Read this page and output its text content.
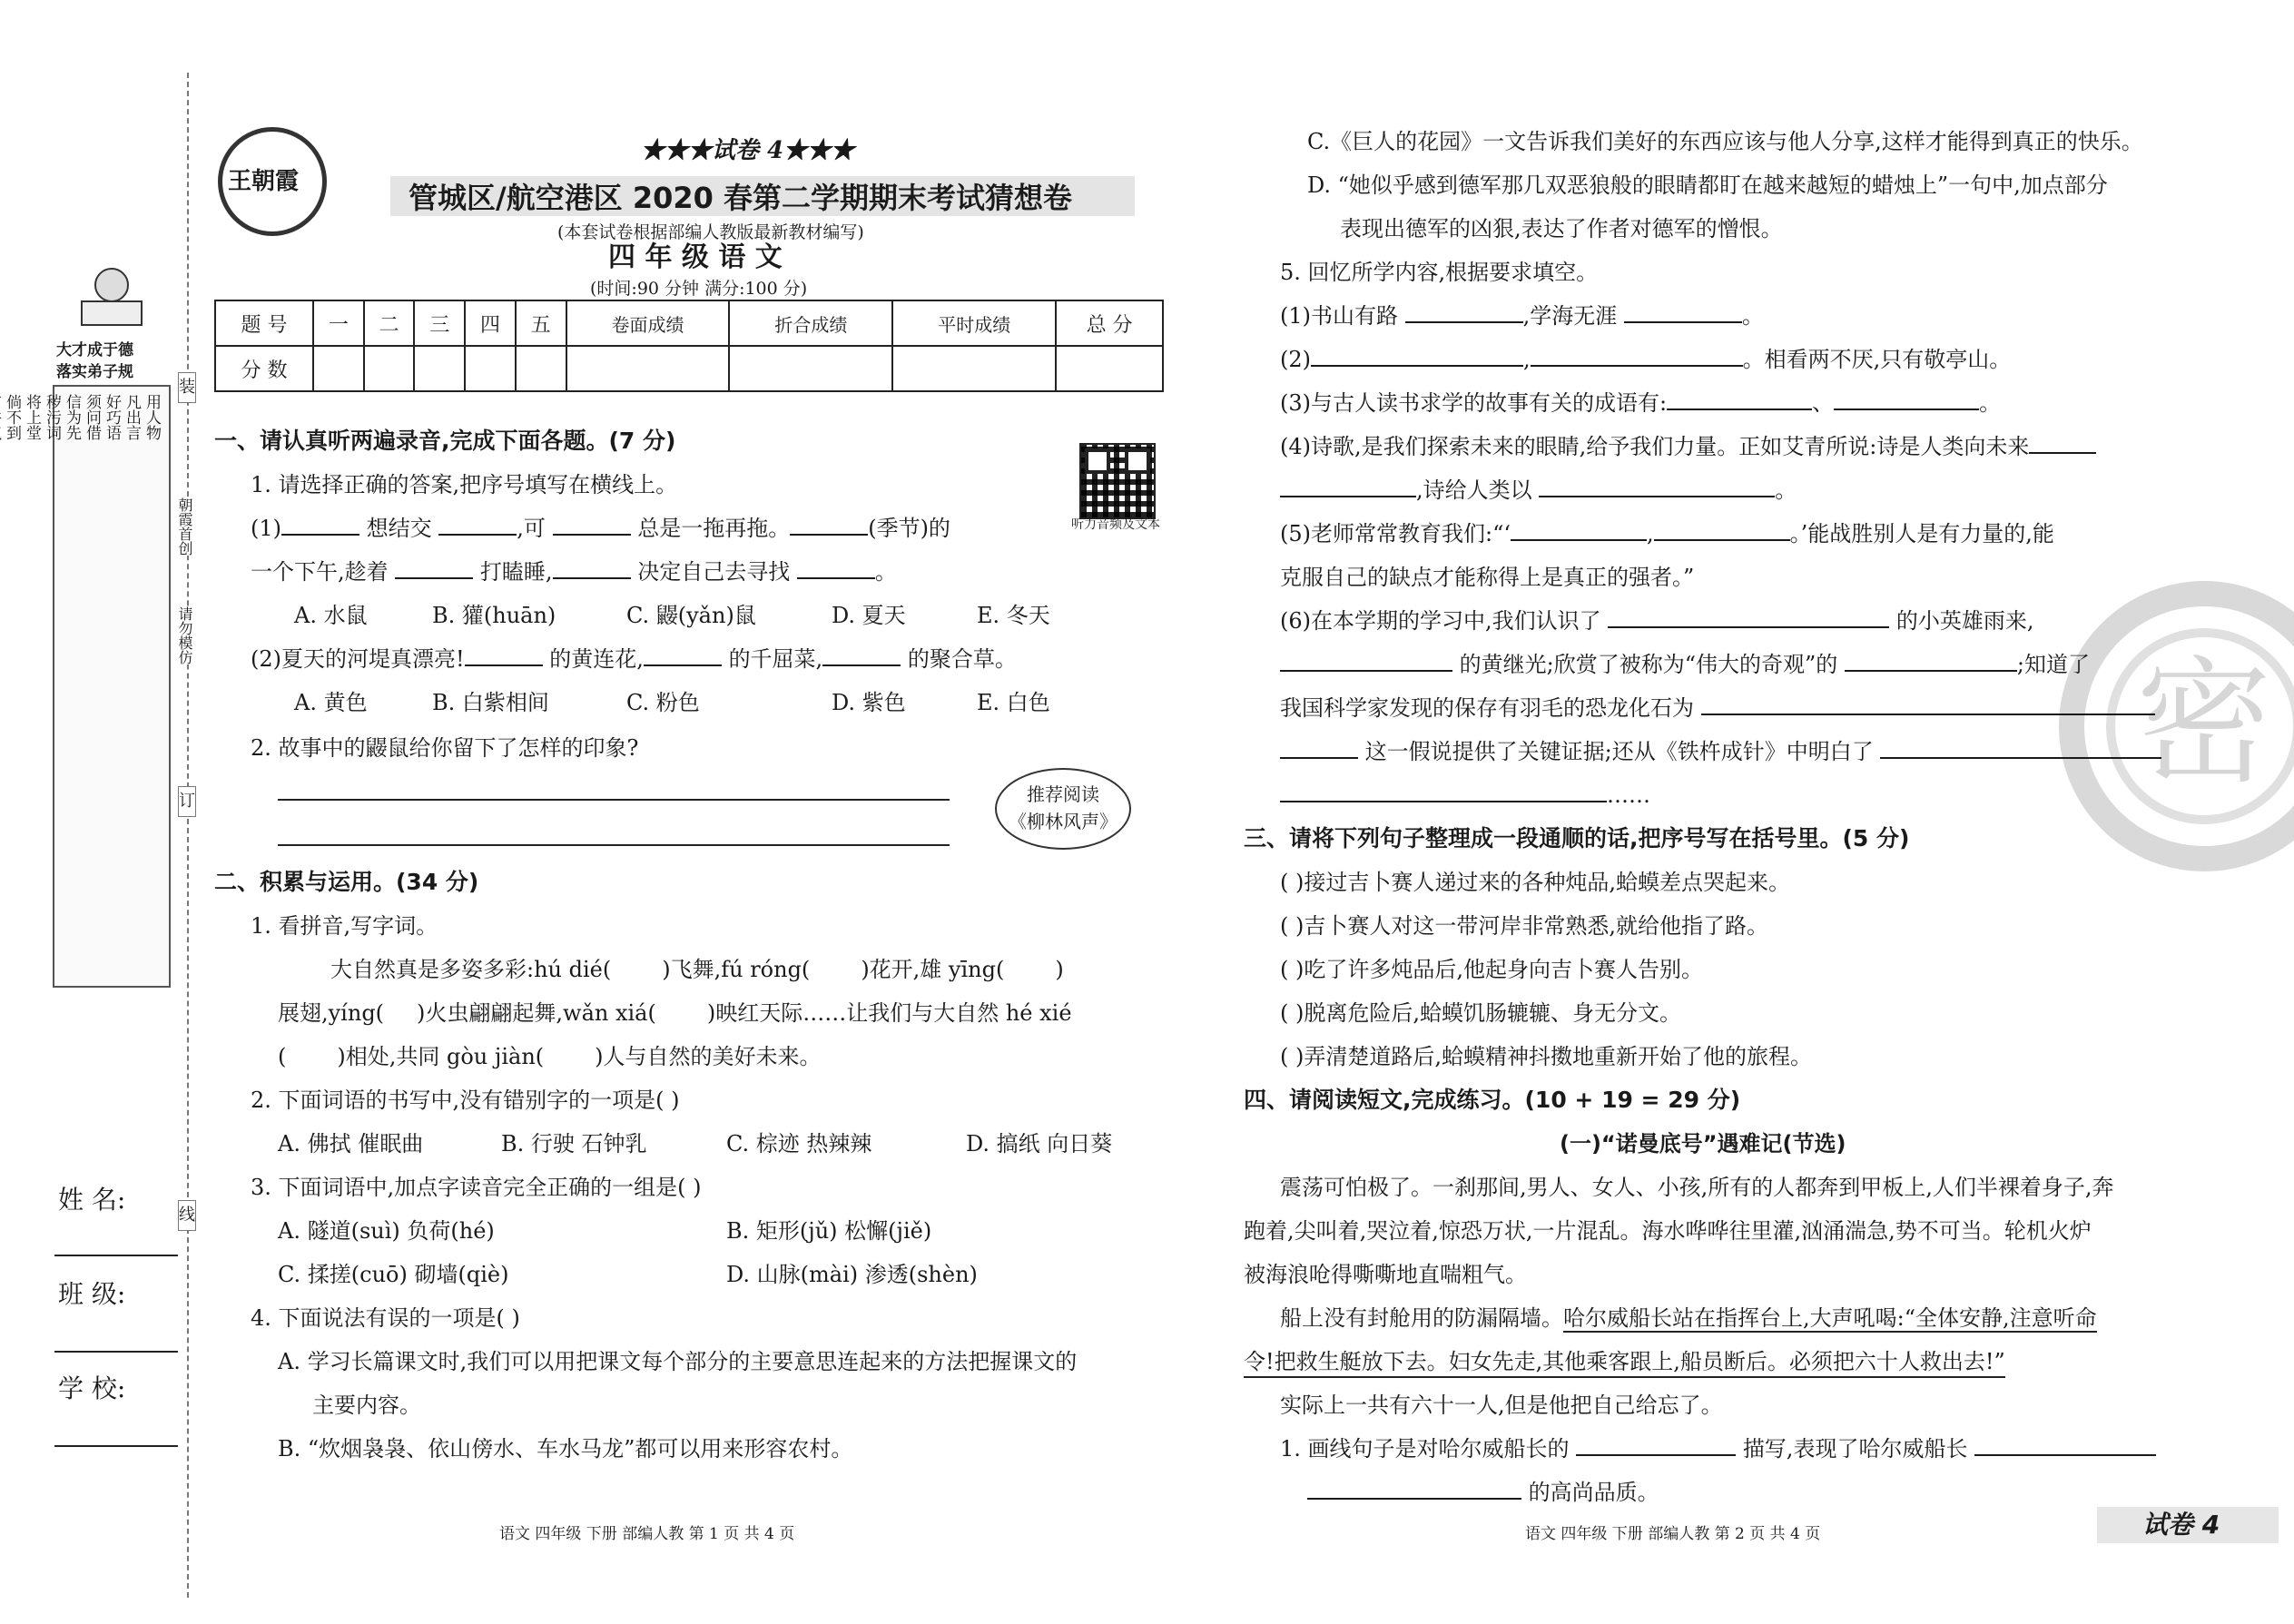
大才成于德
落实弟子规
用人物
凡出言
好巧语
须问借
信为先
秽污词
将上堂
倘不到

装
订
线
朝霞首创
请勿模仿
姓 名:
班 级:
学 校:
王朝霞
★★★试卷 4★★★
管城区/航空港区 2020 春第二学期期末考试猜想卷
(本套试卷根据部编人教版最新教材编写)
四 年 级 语 文
(时间:90 分钟 满分:100 分)
题 号	一	二	三	四	五	卷面成绩	折合成绩	平时成绩	总 分
分 数									
听力音频及文本
一、请认真听两遍录音,完成下面各题。(7 分)
1. 请选择正确的答案,把序号填写在横线上。
(1)	想结交	,可	总是一拖再拖。	(季节)的
一个下午,趁着	打瞌睡,	决定自己去寻找	。
A. 水鼠	B. 獾(huān)	C. 鼹(yǎn)鼠	D. 夏天	E. 冬天
(2)夏天的河堤真漂亮!	的黄连花,	的千屈菜,	的聚合草。
A. 黄色	B. 白紫相间	C. 粉色	D. 紫色	E. 白色
2. 故事中的鼹鼠给你留下了怎样的印象?
推荐阅读
《柳林风声》
二、积累与运用。(34 分)
1. 看拼音,写字词。
大自然真是多姿多彩:hú dié( )飞舞,fú róng( )花开,雄 yīng( )
展翅,yíng( )火虫翩翩起舞,wǎn xiá( )映红天际……让我们与大自然 hé xié
( )相处,共同 gòu jiàn( )人与自然的美好未来。
2. 下面词语的书写中,没有错别字的一项是( )
A. 佛拭 催眠曲	B. 行驶 石钟乳	C. 棕迹 热辣辣	D. 搞纸 向日葵
3. 下面词语中,加点字读音完全正确的一组是( )
A. 隧道(suì) 负荷(hé)	B. 矩形(jǔ) 松懈(jiě)
C. 揉搓(cuō) 砌墙(qiè)	D. 山脉(mài) 渗透(shèn)
4. 下面说法有误的一项是( )
A. 学习长篇课文时,我们可以用把课文每个部分的主要意思连起来的方法把握课文的
主要内容。
B. “炊烟袅袅、依山傍水、车水马龙”都可以用来形容农村。
语文 四年级 下册 部编人教 第 1 页 共 4 页
密
C.《巨人的花园》一文告诉我们美好的东西应该与他人分享,这样才能得到真正的快乐。
D. “她似乎感到德军那几双恶狼般的眼睛都盯在越来越短的蜡烛上”一句中,加点部分
表现出德军的凶狠,表达了作者对德军的憎恨。
5. 回忆所学内容,根据要求填空。
(1)书山有路	,学海无涯	。
(2)	,	。相看两不厌,只有敬亭山。
(3)与古人读书求学的故事有关的成语有:	、	。
(4)诗歌,是我们探索未来的眼睛,给予我们力量。正如艾青所说:诗是人类向未来
,诗给人类以	。
(5)老师常常教育我们:“‘	,	。’能战胜别人是有力量的,能
克服自己的缺点才能称得上是真正的强者。”
(6)在本学期的学习中,我们认识了	的小英雄雨来,
的黄继光;欣赏了被称为“伟大的奇观”的	;知道了
我国科学家发现的保存有羽毛的恐龙化石为
这一假说提供了关键证据;还从《铁杵成针》中明白了
……
三、请将下列句子整理成一段通顺的话,把序号写在括号里。(5 分)
( )接过吉卜赛人递过来的各种炖品,蛤蟆差点哭起来。
( )吉卜赛人对这一带河岸非常熟悉,就给他指了路。
( )吃了许多炖品后,他起身向吉卜赛人告别。
( )脱离危险后,蛤蟆饥肠辘辘、身无分文。
( )弄清楚道路后,蛤蟆精神抖擞地重新开始了他的旅程。
四、请阅读短文,完成练习。(10 + 19 = 29 分)
(一)“诺曼底号”遇难记(节选)
震荡可怕极了。一刹那间,男人、女人、小孩,所有的人都奔到甲板上,人们半裸着身子,奔
跑着,尖叫着,哭泣着,惊恐万状,一片混乱。海水哗哗往里灌,汹涌湍急,势不可当。轮机火炉
被海浪呛得嘶嘶地直喘粗气。
船上没有封舱用的防漏隔墙。哈尔威船长站在指挥台上,大声吼喝:“全体安静,注意听命
令!把救生艇放下去。妇女先走,其他乘客跟上,船员断后。必须把六十人救出去!”
实际上一共有六十一人,但是他把自己给忘了。
1. 画线句子是对哈尔威船长的	描写,表现了哈尔威船长
的高尚品质。
语文 四年级 下册 部编人教 第 2 页 共 4 页	试卷 4
